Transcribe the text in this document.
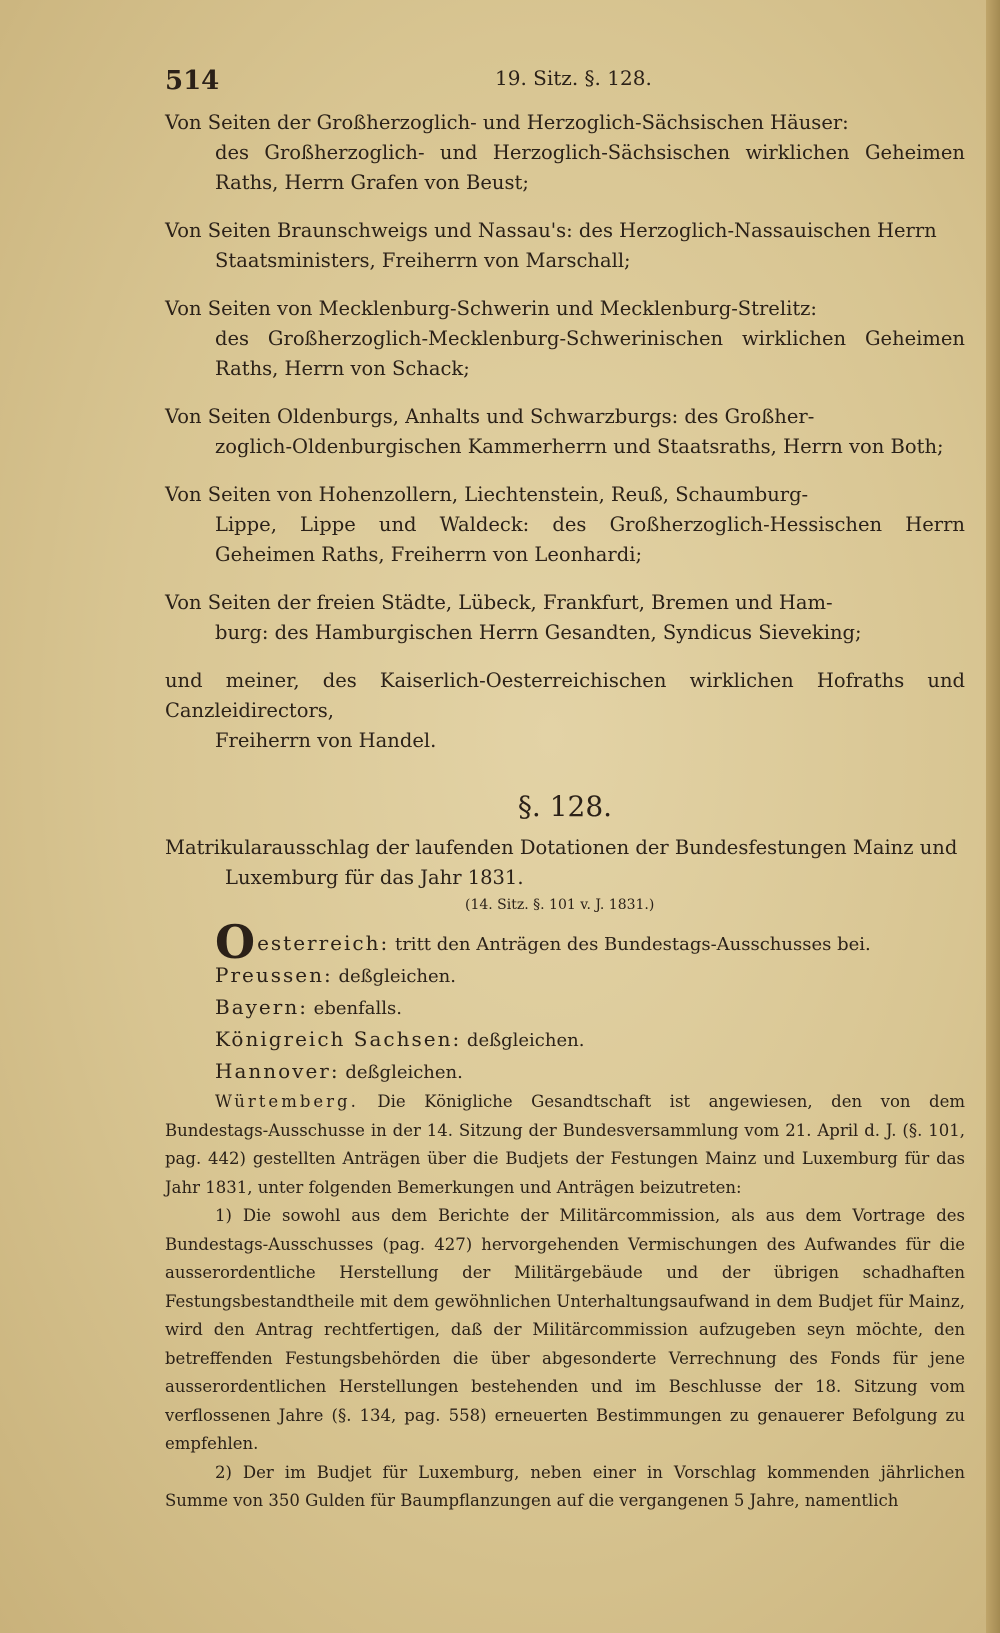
514	19. Sitz. §. 128.

Von Seiten der Großherzoglich- und Herzoglich-Sächsischen Häuser:
des Großherzoglich- und Herzoglich-Sächsischen wirklichen Geheimen Raths, Herrn Grafen von Beust;

Von Seiten Braunschweigs und Nassau's: des Herzoglich-Nassauischen Herrn
Staatsministers, Freiherrn von Marschall;

Von Seiten von Mecklenburg-Schwerin und Mecklenburg-Strelitz:
des Großherzoglich-Mecklenburg-Schwerinischen wirklichen Geheimen Raths, Herrn von Schack;

Von Seiten Oldenburgs, Anhalts und Schwarzburgs: des Großher-
zoglich-Oldenburgischen Kammerherrn und Staatsraths, Herrn von Both;

Von Seiten von Hohenzollern, Liechtenstein, Reuß, Schaumburg-
Lippe, Lippe und Waldeck: des Großherzoglich-Hessischen Herrn Geheimen Raths, Freiherrn von Leonhardi;

Von Seiten der freien Städte, Lübeck, Frankfurt, Bremen und Ham-
burg: des Hamburgischen Herrn Gesandten, Syndicus Sieveking;

und meiner, des Kaiserlich-Oesterreichischen wirklichen Hofraths und Canzleidirectors,
Freiherrn von Handel.

§. 128.
Matrikularausschlag der laufenden Dotationen der Bundesfestungen Mainz und
Luxemburg für das Jahr 1831.
(14. Sitz. §. 101 v. J. 1831.)
Oesterreich: tritt den Anträgen des Bundestags-Ausschusses bei.
Preussen: deßgleichen.
Bayern: ebenfalls.
Königreich Sachsen: deßgleichen.
Hannover: deßgleichen.
Würtemberg. Die Königliche Gesandtschaft ist angewiesen, den von dem Bundestags-Ausschusse in der 14. Sitzung der Bundesversammlung vom 21. April d. J. (§. 101, pag. 442) gestellten Anträgen über die Budjets der Festungen Mainz und Luxemburg für das Jahr 1831, unter folgenden Bemerkungen und Anträgen beizutreten:
1) Die sowohl aus dem Berichte der Militärcommission, als aus dem Vortrage des Bundestags-Ausschusses (pag. 427) hervorgehenden Vermischungen des Aufwandes für die ausserordentliche Herstellung der Militärgebäude und der übrigen schadhaften Festungsbestandtheile mit dem gewöhnlichen Unterhaltungsaufwand in dem Budjet für Mainz, wird den Antrag rechtfertigen, daß der Militärcommission aufzugeben seyn möchte, den betreffenden Festungsbehörden die über abgesonderte Verrechnung des Fonds für jene ausserordentlichen Herstellungen bestehenden und im Beschlusse der 18. Sitzung vom verflossenen Jahre (§. 134, pag. 558) erneuerten Bestimmungen zu genauerer Befolgung zu empfehlen.
2) Der im Budjet für Luxemburg, neben einer in Vorschlag kommenden jährlichen Summe von 350 Gulden für Baumpflanzungen auf die vergangenen 5 Jahre, namentlich
